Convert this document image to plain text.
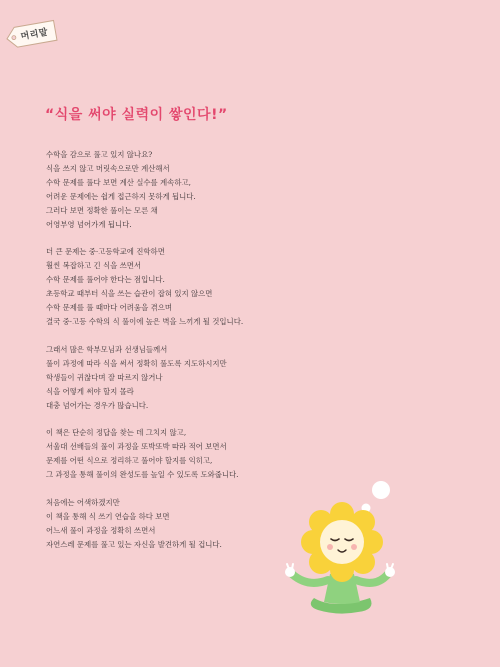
머리말
“식을 써야 실력이 쌓인다!”
수학을 감으로 풀고 있지 않나요?
식을 쓰지 않고 머릿속으로만 계산해서
수학 문제를 풀다 보면 계산 실수를 계속하고,
어려운 문제에는 쉽게 접근하지 못하게 됩니다.
그러다 보면 정확한 풀이는 모른 채
어영부영 넘어가게 됩니다.
더 큰 문제는 중·고등학교에 진학하면
훨씬 복잡하고 긴 식을 쓰면서
수학 문제를 풀어야 한다는 점입니다.
초등학교 때부터 식을 쓰는 습관이 잡혀 있지 않으면
수학 문제를 풀 때마다 어려움을 겪으며
결국 중·고등 수학의 식 풀이에 높은 벽을 느끼게 될 것입니다.
그래서 많은 학부모님과 선생님들께서
풀이 과정에 따라 식을 써서 정확히 풀도록 지도하시지만
학생들이 귀찮다며 잘 따르지 않거나
식을 어떻게 써야 할지 몰라
대충 넘어가는 경우가 많습니다.
이 책은 단순히 정답을 찾는 데 그치지 않고,
서울대 선배들의 풀이 과정을 또박또박 따라 적어 보면서
문제를 어떤 식으로 정리하고 풀어야 할지를 익히고,
그 과정을 통해 풀이의 완성도를 높일 수 있도록 도와줍니다.
처음에는 어색하겠지만
이 책을 통해 식 쓰기 연습을 하다 보면
어느새 풀이 과정을 정확히 쓰면서
자연스레 문제를 풀고 있는 자신을 발견하게 될 겁니다.
